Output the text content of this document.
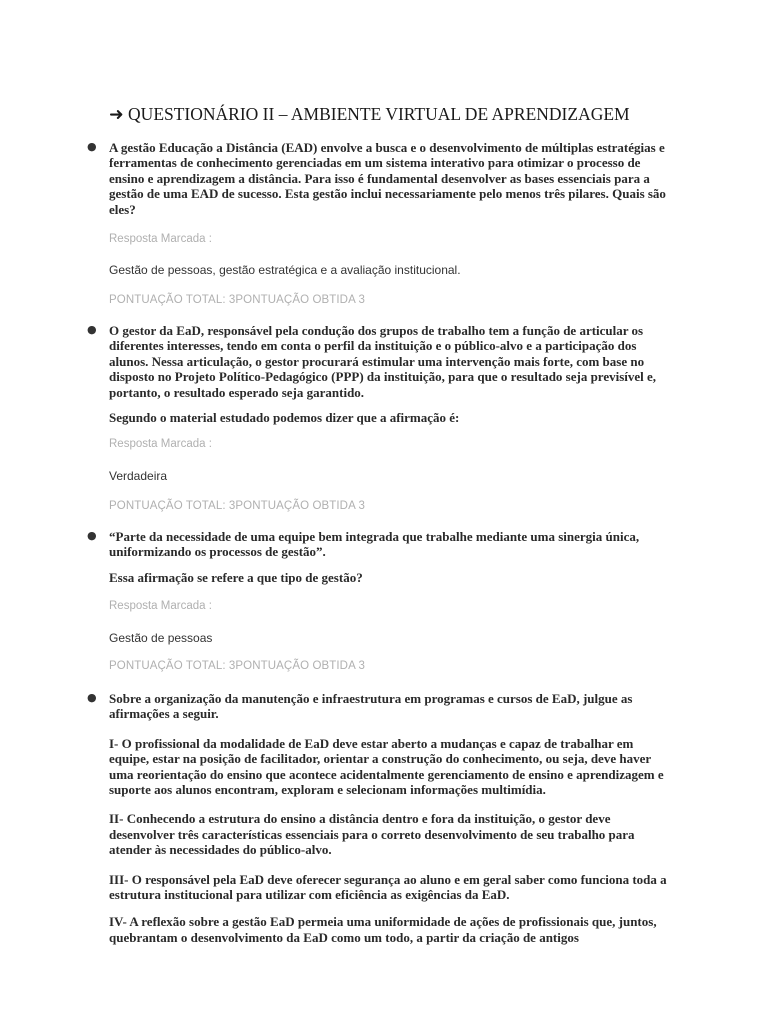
➜ QUESTIONÁRIO II – AMBIENTE VIRTUAL DE APRENDIZAGEM
● A gestão Educação a Distância (EAD) envolve a busca e o desenvolvimento de múltiplas estratégias e ferramentas de conhecimento gerenciadas em um sistema interativo para otimizar o processo de ensino e aprendizagem a distância. Para isso é fundamental desenvolver as bases essenciais para a gestão de uma EAD de sucesso. Esta gestão inclui necessariamente pelo menos três pilares. Quais são eles?

Resposta Marcada :
Gestão de pessoas, gestão estratégica e a avaliação institucional.
PONTUAÇÃO TOTAL: 3PONTUAÇÃO OBTIDA 3
● O gestor da EaD, responsável pela condução dos grupos de trabalho tem a função de articular os diferentes interesses, tendo em conta o perfil da instituição e o público-alvo e a participação dos alunos. Nessa articulação, o gestor procurará estimular uma intervenção mais forte, com base no disposto no Projeto Político-Pedagógico (PPP) da instituição, para que o resultado seja previsível e, portanto, o resultado esperado seja garantido.

Segundo o material estudado podemos dizer que a afirmação é:

Resposta Marcada :
Verdadeira
PONTUAÇÃO TOTAL: 3PONTUAÇÃO OBTIDA 3
● “Parte da necessidade de uma equipe bem integrada que trabalhe mediante uma sinergia única, uniformizando os processos de gestão”.

Essa afirmação se refere a que tipo de gestão?

Resposta Marcada :
Gestão de pessoas
PONTUAÇÃO TOTAL: 3PONTUAÇÃO OBTIDA 3
● Sobre a organização da manutenção e infraestrutura em programas e cursos de EaD, julgue as afirmações a seguir.

I- O profissional da modalidade de EaD deve estar aberto a mudanças e capaz de trabalhar em equipe, estar na posição de facilitador, orientar a construção do conhecimento, ou seja, deve haver uma reorientação do ensino que acontece acidentalmente gerenciamento de ensino e aprendizagem e suporte aos alunos encontram, exploram e selecionam informações multimídia.

II- Conhecendo a estrutura do ensino a distância dentro e fora da instituição, o gestor deve desenvolver três características essenciais para o correto desenvolvimento de seu trabalho para atender às necessidades do público-alvo.

III- O responsável pela EaD deve oferecer segurança ao aluno e em geral saber como funciona toda a estrutura institucional para utilizar com eficiência as exigências da EaD.

IV- A reflexão sobre a gestão EaD permeia uma uniformidade de ações de profissionais que, juntos, quebrantam o desenvolvimento da EaD como um todo, a partir da criação de antigos
